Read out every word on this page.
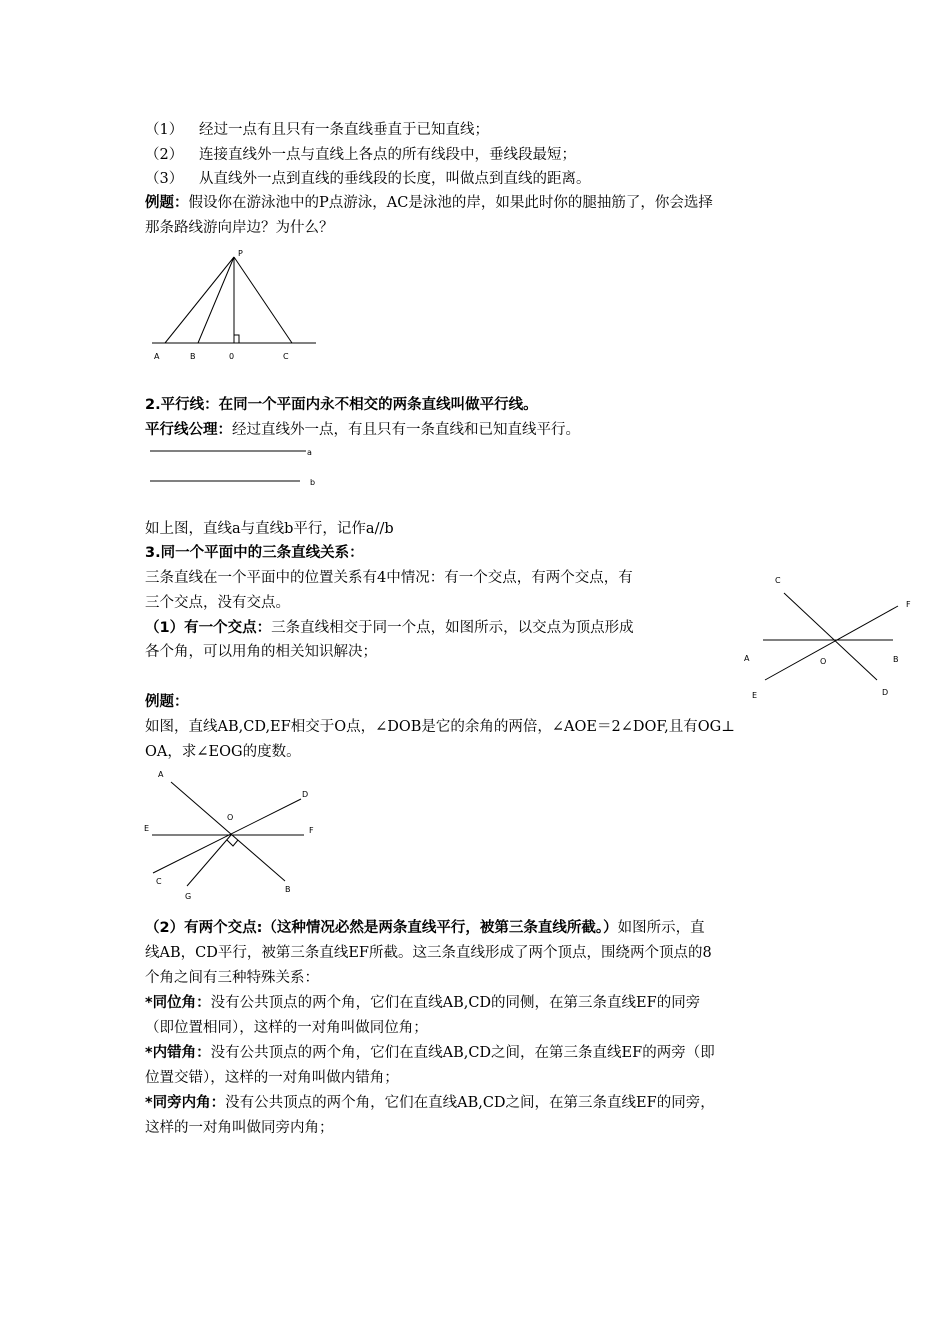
（1） 经过一点有且只有一条直线垂直于已知直线；
（2） 连接直线外一点与直线上各点的所有线段中，垂线段最短；
（3） 从直线外一点到直线的垂线段的长度，叫做点到直线的距离。
例题：假设你在游泳池中的P点游泳，AC是泳池的岸，如果此时你的腿抽筋了，你会选择
那条路线游向岸边？为什么？
P
A	B	0	C
2.平行线：在同一个平面内永不相交的两条直线叫做平行线。
平行线公理：经过直线外一点，有且只有一条直线和已知直线平行。
a
b
如上图，直线a与直线b平行，记作a//b
3.同一个平面中的三条直线关系：
三条直线在一个平面中的位置关系有4中情况：有一个交点，有两个交点，有
三个交点，没有交点。
（1）有一个交点：三条直线相交于同一个点，如图所示，以交点为顶点形成
各个角，可以用角的相关知识解决；
C
F
A	O	B
E	D
例题：
如图，直线AB,CD,EF相交于O点，∠DOB是它的余角的两倍，∠AOE＝2∠DOF,且有OG⊥
OA，求∠EOG的度数。
A
D
O
E	F
C
G
B
（2）有两个交点:（这种情况必然是两条直线平行，被第三条直线所截。）如图所示，直
线AB，CD平行，被第三条直线EF所截。这三条直线形成了两个顶点，围绕两个顶点的8
个角之间有三种特殊关系：
*同位角：没有公共顶点的两个角，它们在直线AB,CD的同侧，在第三条直线EF的同旁
（即位置相同），这样的一对角叫做同位角；
*内错角：没有公共顶点的两个角，它们在直线AB,CD之间，在第三条直线EF的两旁（即
位置交错），这样的一对角叫做内错角；
*同旁内角：没有公共顶点的两个角，它们在直线AB,CD之间，在第三条直线EF的同旁，
这样的一对角叫做同旁内角；
